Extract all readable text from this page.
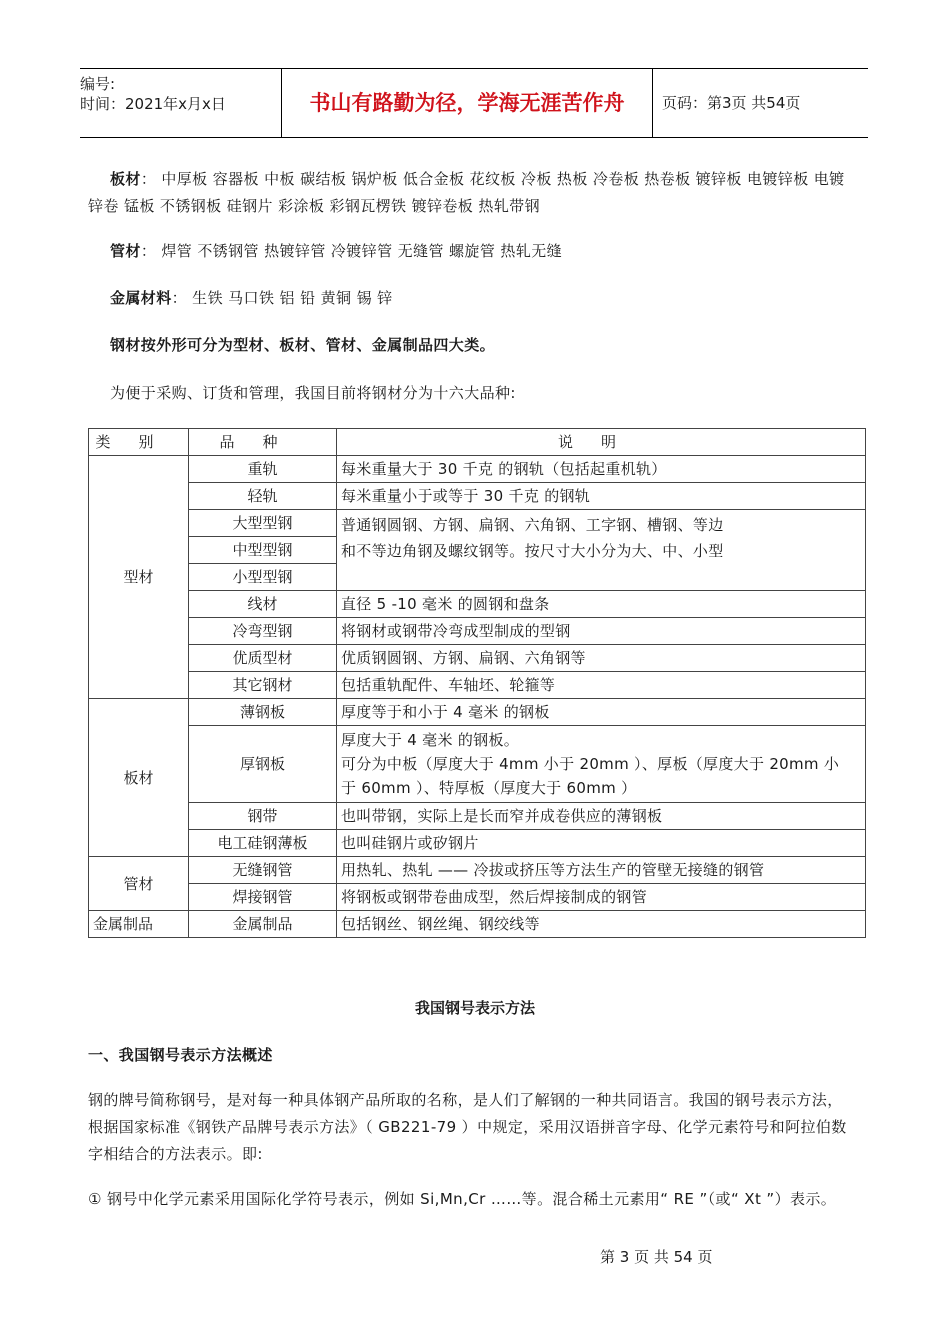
编号:
时间：2021年x月x日	书山有路勤为径，学海无涯苦作舟	页码：第3页 共54页
板材： 中厚板 容器板 中板 碳结板 锅炉板 低合金板 花纹板 冷板 热板 冷卷板 热卷板 镀锌板 电镀锌板 电镀锌卷 锰板 不锈钢板 硅钢片 彩涂板 彩钢瓦楞铁 镀锌卷板 热轧带钢
管材： 焊管 不锈钢管 热镀锌管 冷镀锌管 无缝管 螺旋管 热轧无缝
金属材料： 生铁 马口铁 铝 铅 黄铜 锡 锌
钢材按外形可分为型材、板材、管材、金属制品四大类。
为便于采购、订货和管理，我国目前将钢材分为十六大品种:
类别	品种	说明
型材	重轨	每米重量大于 30 千克 的钢轨（包括起重机轨）
	轻轨	每米重量小于或等于 30 千克 的钢轨
	大型型钢	普通钢圆钢、方钢、扁钢、六角钢、工字钢、槽钢、等边
和不等边角钢及螺纹钢等。按尺寸大小分为大、中、小型

	中型型钢	
	小型型钢	
	线材	直径 5 -10 毫米 的圆钢和盘条
	冷弯型钢	将钢材或钢带冷弯成型制成的型钢
	优质型材	优质钢圆钢、方钢、扁钢、六角钢等
	其它钢材	包括重轨配件、车轴坯、轮箍等
板材	薄钢板	厚度等于和小于 4 毫米 的钢板
	厚钢板	厚度大于 4 毫米 的钢板。
可分为中板（厚度大于 4mm 小于 20mm ）、厚板（厚度大于 20mm 小
于 60mm ）、特厚板（厚度大于 60mm ）

	钢带	也叫带钢，实际上是长而窄并成卷供应的薄钢板
	电工硅钢薄板	也叫硅钢片或矽钢片
管材	无缝钢管	用热轧、热轧 —— 冷拔或挤压等方法生产的管壁无接缝的钢管
	焊接钢管	将钢板或钢带卷曲成型，然后焊接制成的钢管
金属制品	金属制品	包括钢丝、钢丝绳、钢绞线等
我国钢号表示方法
一、我国钢号表示方法概述
钢的牌号简称钢号，是对每一种具体钢产品所取的名称，是人们了解钢的一种共同语言。我国的钢号表示方法，根据国家标准《钢铁产品牌号表示方法》（ GB221-79 ）中规定，采用汉语拼音字母、化学元素符号和阿拉伯数字相结合的方法表示。即:
① 钢号中化学元素采用国际化学符号表示，例如 Si,Mn,Cr ……等。混合稀土元素用“ RE ”（或“ Xt ”）表示。
第 3 页 共 54 页
